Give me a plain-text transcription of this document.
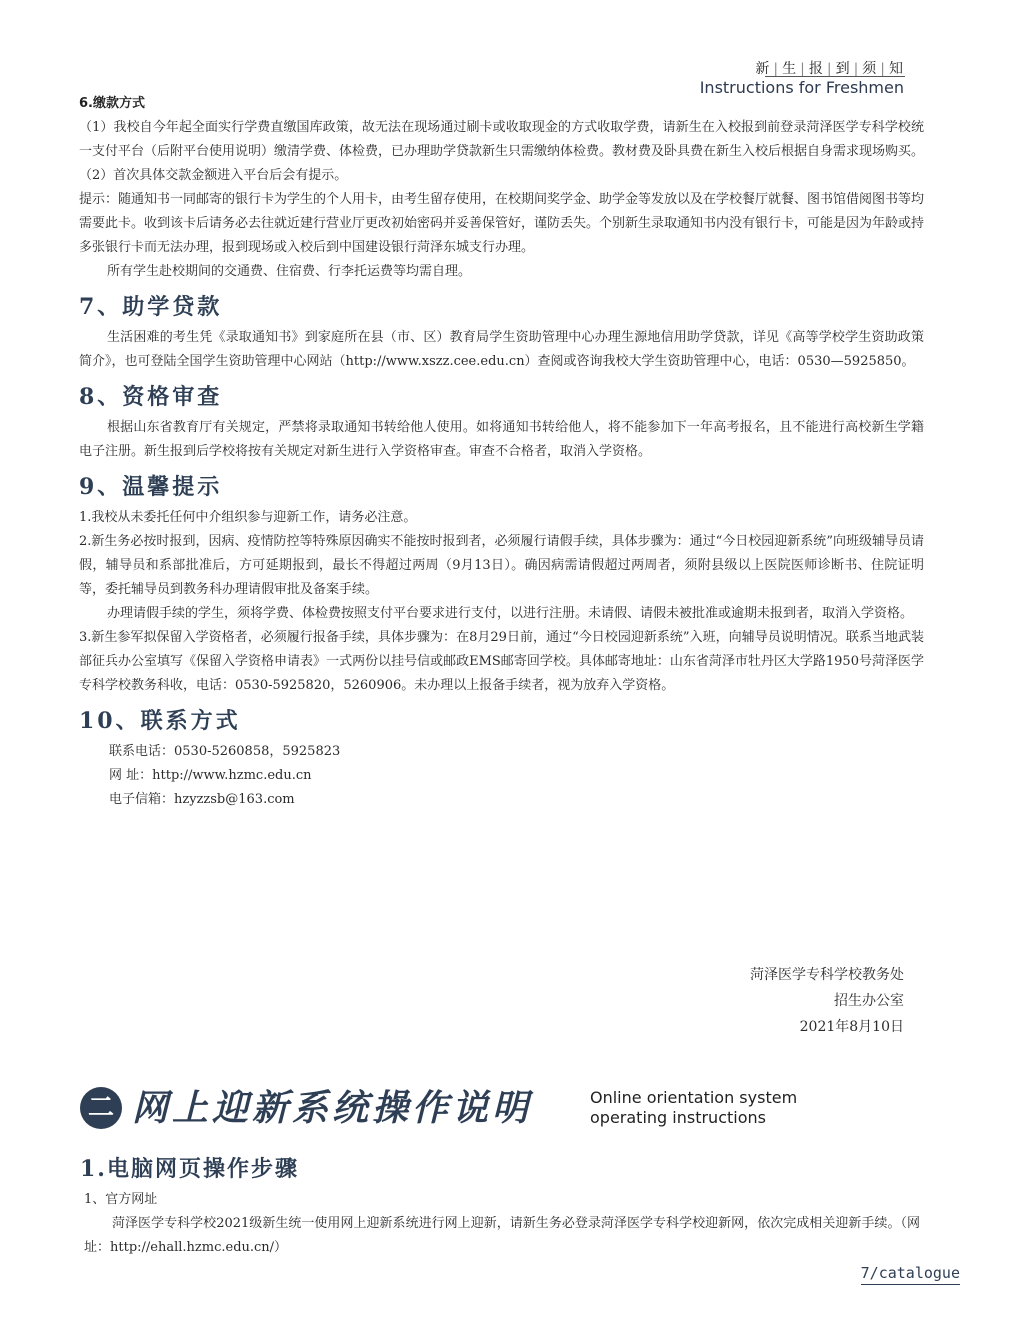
新 | 生 | 报 | 到 | 须 | 知
Instructions for Freshmen
6.缴款方式

（1）我校自今年起全面实行学费直缴国库政策，故无法在现场通过刷卡或收取现金的方式收取学费，请新生在入校报到前登录菏泽医学专科学校统一支付平台（后附平台使用说明）缴清学费、体检费，已办理助学贷款新生只需缴纳体检费。教材费及卧具费在新生入校后根据自身需求现场购买。

（2）首次具体交款金额进入平台后会有提示。

提示：随通知书一同邮寄的银行卡为学生的个人用卡，由考生留存使用，在校期间奖学金、助学金等发放以及在学校餐厅就餐、图书馆借阅图书等均需要此卡。收到该卡后请务必去往就近建行营业厅更改初始密码并妥善保管好，谨防丢失。个别新生录取通知书内没有银行卡，可能是因为年龄或持多张银行卡而无法办理，报到现场或入校后到中国建设银行菏泽东城支行办理。

所有学生赴校期间的交通费、住宿费、行李托运费等均需自理。

7、助学贷款

生活困难的考生凭《录取通知书》到家庭所在县（市、区）教育局学生资助管理中心办理生源地信用助学贷款，详见《高等学校学生资助政策简介》，也可登陆全国学生资助管理中心网站（http://www.xszz.cee.edu.cn）查阅或咨询我校大学生资助管理中心，电话：0530—5925850。

8、资格审查

根据山东省教育厅有关规定，严禁将录取通知书转给他人使用。如将通知书转给他人，将不能参加下一年高考报名，且不能进行高校新生学籍电子注册。新生报到后学校将按有关规定对新生进行入学资格审查。审查不合格者，取消入学资格。

9、温馨提示

1.我校从未委托任何中介组织参与迎新工作，请务必注意。

2.新生务必按时报到，因病、疫情防控等特殊原因确实不能按时报到者，必须履行请假手续，具体步骤为：通过“今日校园迎新系统”向班级辅导员请假，辅导员和系部批准后，方可延期报到，最长不得超过两周（9月13日）。确因病需请假超过两周者，须附县级以上医院医师诊断书、住院证明等，委托辅导员到教务科办理请假审批及备案手续。

办理请假手续的学生，须将学费、体检费按照支付平台要求进行支付，以进行注册。未请假、请假未被批准或逾期未报到者，取消入学资格。

3.新生参军拟保留入学资格者，必须履行报备手续，具体步骤为：在8月29日前，通过“今日校园迎新系统”入班，向辅导员说明情况。联系当地武装部征兵办公室填写《保留入学资格申请表》一式两份以挂号信或邮政EMS邮寄回学校。具体邮寄地址：山东省菏泽市牡丹区大学路1950号菏泽医学专科学校教务科收，电话：0530-5925820，5260906。未办理以上报备手续者，视为放弃入学资格。

10、联系方式

联系电话：0530-5260858，5925823

网 址：http://www.hzmc.edu.cn

电子信箱：hzyzzsb@163.com

菏泽医学专科学校教务处
招生办公室
2021年8月10日
二 网上迎新系统操作说明	Online orientation system
operating instructions
1.电脑网页操作步骤

1、官方网址

菏泽医学专科学校2021级新生统一使用网上迎新系统进行网上迎新，请新生务必登录菏泽医学专科学校迎新网，依次完成相关迎新手续。（网址：http://ehall.hzmc.edu.cn/）

7/catalogue
